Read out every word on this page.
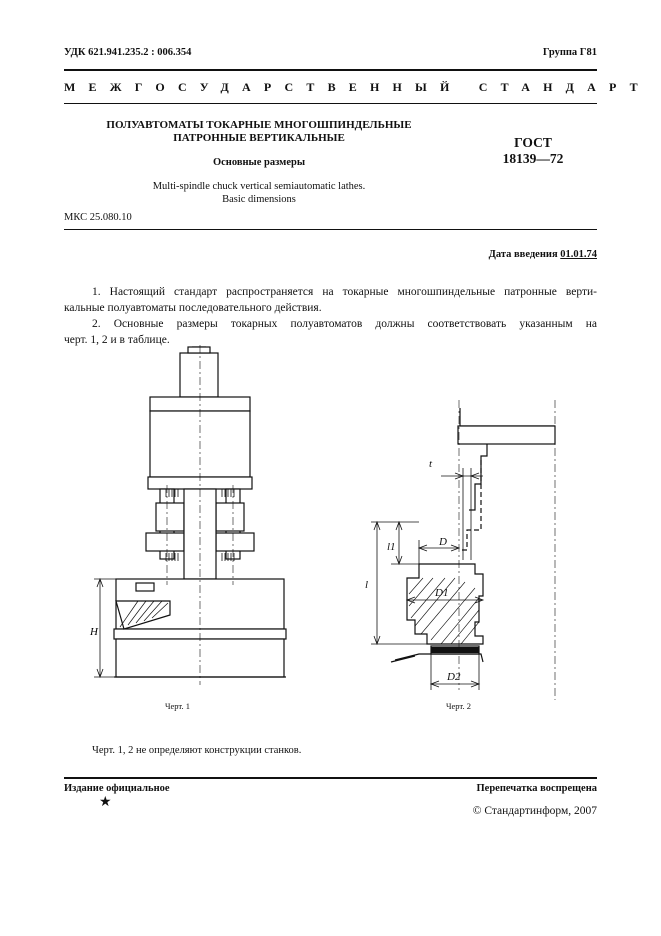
УДК 621.941.235.2 : 006.354	Группа Г81
МЕЖГОСУДАРСТВЕННЫЙ СТАНДАРТ
ПОЛУАВТОМАТЫ ТОКАРНЫЕ МНОГОШПИНДЕЛЬНЫЕ
ПАТРОННЫЕ ВЕРТИКАЛЬНЫЕ
Основные размеры
Multi-spindle chuck vertical semiautomatic lathes.
Basic dimensions
ГОСТ
18139—72
МКС 25.080.10
Дата введения 01.01.74
1. Настоящий стандарт распространяется на токарные многошпиндельные патронные верти-
кальные полуавтоматы последовательного действия.
2. Основные размеры токарных полуавтоматов должны соответствовать указанным на
черт. 1, 2 и в таблице.
H
Черт. 1
t
D
l1
l
D1
D2
Черт. 2
Черт. 1, 2 не определяют конструкции станков.
Издание официальное
★
Перепечатка воспрещена
© Стандартинформ, 2007
